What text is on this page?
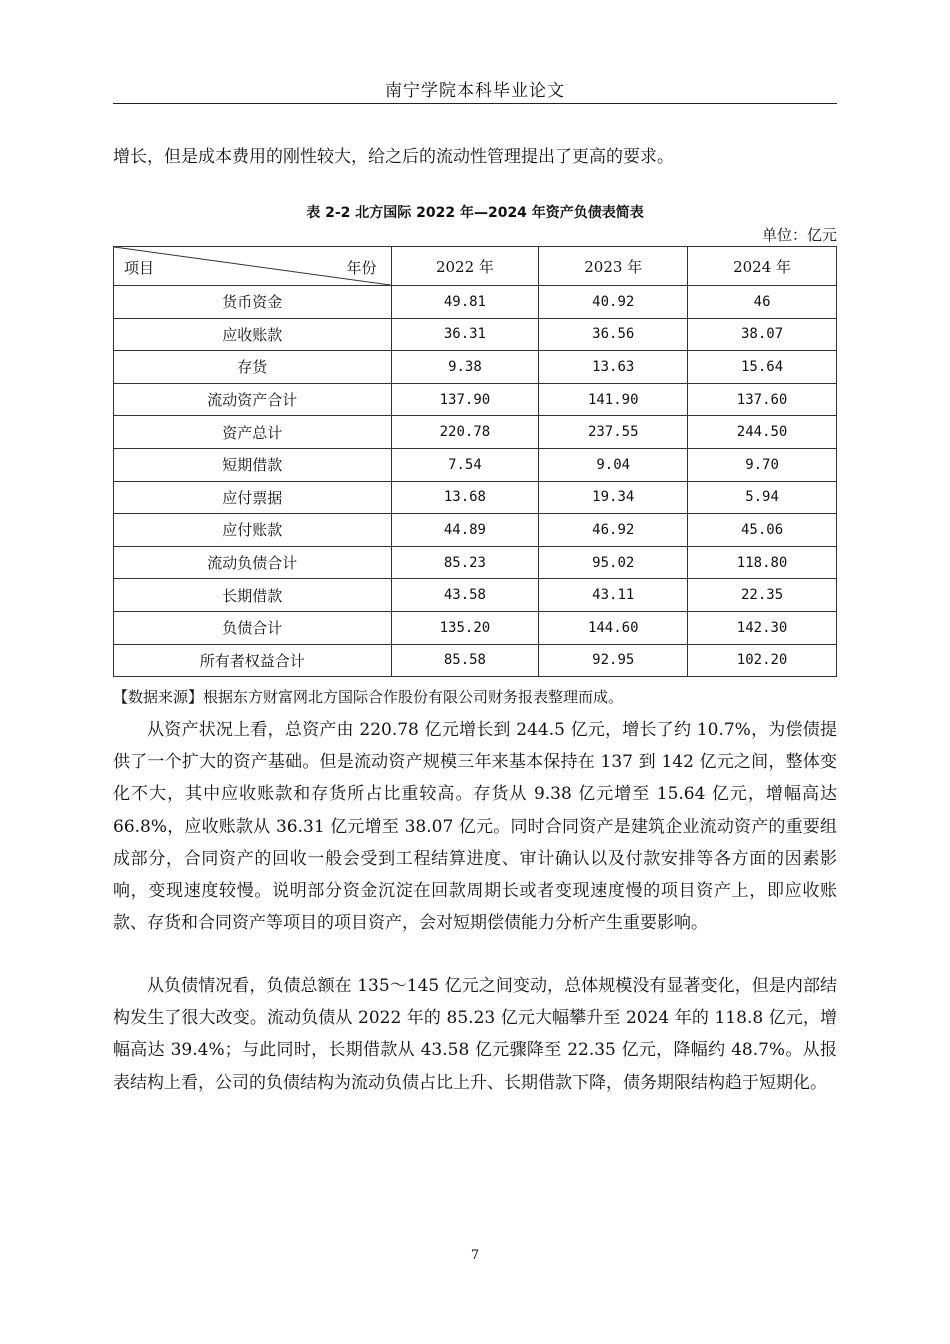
南宁学院本科毕业论文

增长，但是成本费用的刚性较大，给之后的流动性管理提出了更高的要求。

表 2-2 北方国际 2022 年—2024 年资产负债表简表
单位：亿元
项目 年份	2022 年	2023 年	2024 年
货币资金	49.81	40.92	46
应收账款	36.31	36.56	38.07
存货	9.38	13.63	15.64
流动资产合计	137.90	141.90	137.60
资产总计	220.78	237.55	244.50
短期借款	7.54	9.04	9.70
应付票据	13.68	19.34	5.94
应付账款	44.89	46.92	45.06
流动负债合计	85.23	95.02	118.80
长期借款	43.58	43.11	22.35
负债合计	135.20	144.60	142.30
所有者权益合计	85.58	92.95	102.20
【数据来源】根据东方财富网北方国际合作股份有限公司财务报表整理而成。

从资产状况上看，总资产由 220.78 亿元增长到 244.5 亿元，增长了约 10.7%，为偿债提供了一个扩大的资产基础。但是流动资产规模三年来基本保持在 137 到 142 亿元之间，整体变化不大，其中应收账款和存货所占比重较高。存货从 9.38 亿元增至 15.64 亿元，增幅高达 66.8%，应收账款从 36.31 亿元增至 38.07 亿元。同时合同资产是建筑企业流动资产的重要组成部分，合同资产的回收一般会受到工程结算进度、审计确认以及付款安排等各方面的因素影响，变现速度较慢。说明部分资金沉淀在回款周期长或者变现速度慢的项目资产上，即应收账款、存货和合同资产等项目的项目资产，会对短期偿债能力分析产生重要影响。

从负债情况看，负债总额在 135～145 亿元之间变动，总体规模没有显著变化，但是内部结构发生了很大改变。流动负债从 2022 年的 85.23 亿元大幅攀升至 2024 年的 118.8 亿元，增幅高达 39.4%；与此同时，长期借款从 43.58 亿元骤降至 22.35 亿元，降幅约 48.7%。从报表结构上看，公司的负债结构为流动负债占比上升、长期借款下降，债务期限结构趋于短期化。

7
